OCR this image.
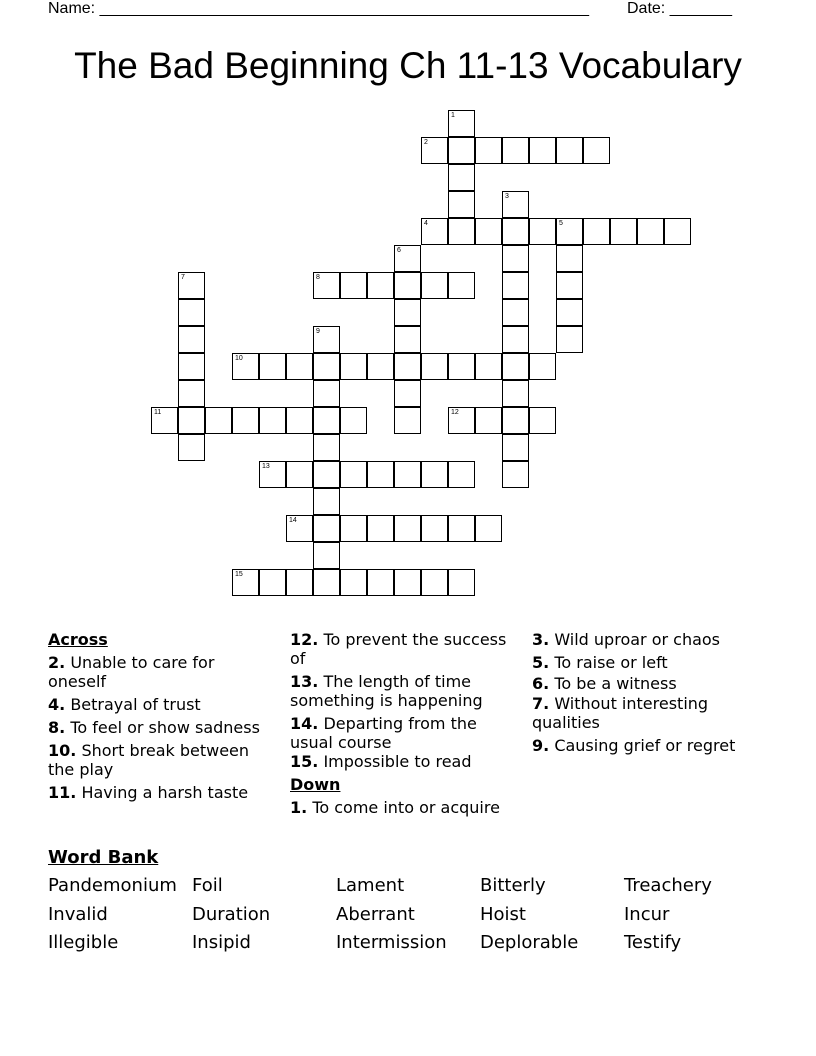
Name: _______________________________________________________ Date: _______
The Bad Beginning Ch 11-13 Vocabulary
2
4	5
8
10
11	12
13
14
15
1
3
6
7
9
Across
2. Unable to care for oneself
4. Betrayal of trust
8. To feel or show sadness
10. Short break between the play
11. Having a harsh taste
12. To prevent the success of
13. The length of time something is happening
14. Departing from the usual course
15. Impossible to read
Down
1. To come into or acquire
3. Wild uproar or chaos
5. To raise or left
6. To be a witness
7. Without interesting qualities
9. Causing grief or regret
Word Bank
Pandemonium Foil	Lament	Bitterly	Treachery
Invalid	Duration	Aberrant	Hoist	Incur
Illegible	Insipid	Intermission Deplorable	Testify
